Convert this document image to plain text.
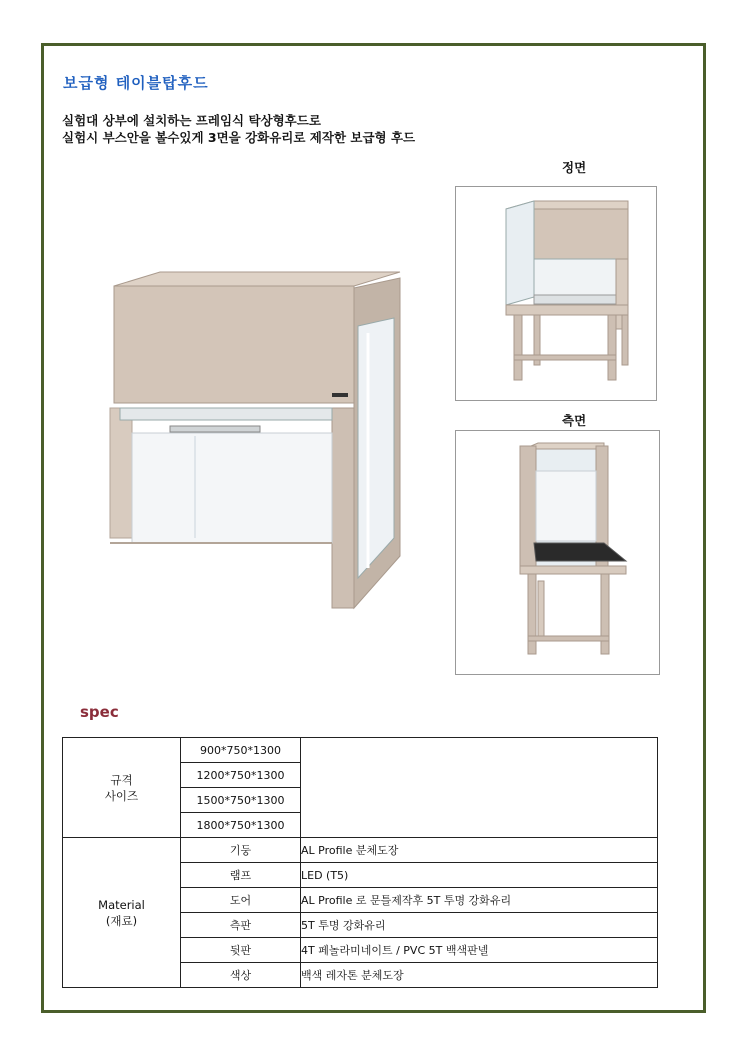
보급형 테이블탑후드
실험대 상부에 설치하는 프레임식 탁상형후드로
실험시 부스안을 볼수있게 3면을 강화유리로 제작한 보급형 후드
정면
측면
spec
규격
사이즈	900*750*1300	
	1200*750*1300	
	1500*750*1300	
	1800*750*1300	

Material
(재료)	기둥	AL Profile 분체도장
	램프	LED (T5)
	도어	AL Profile 로 문틀제작후 5T 투명 강화유리
	측판	5T 투명 강화유리
	뒷판	4T 페놀라미네이트 / PVC 5T 백색판넬
	색상	백색 레자톤 분체도장
